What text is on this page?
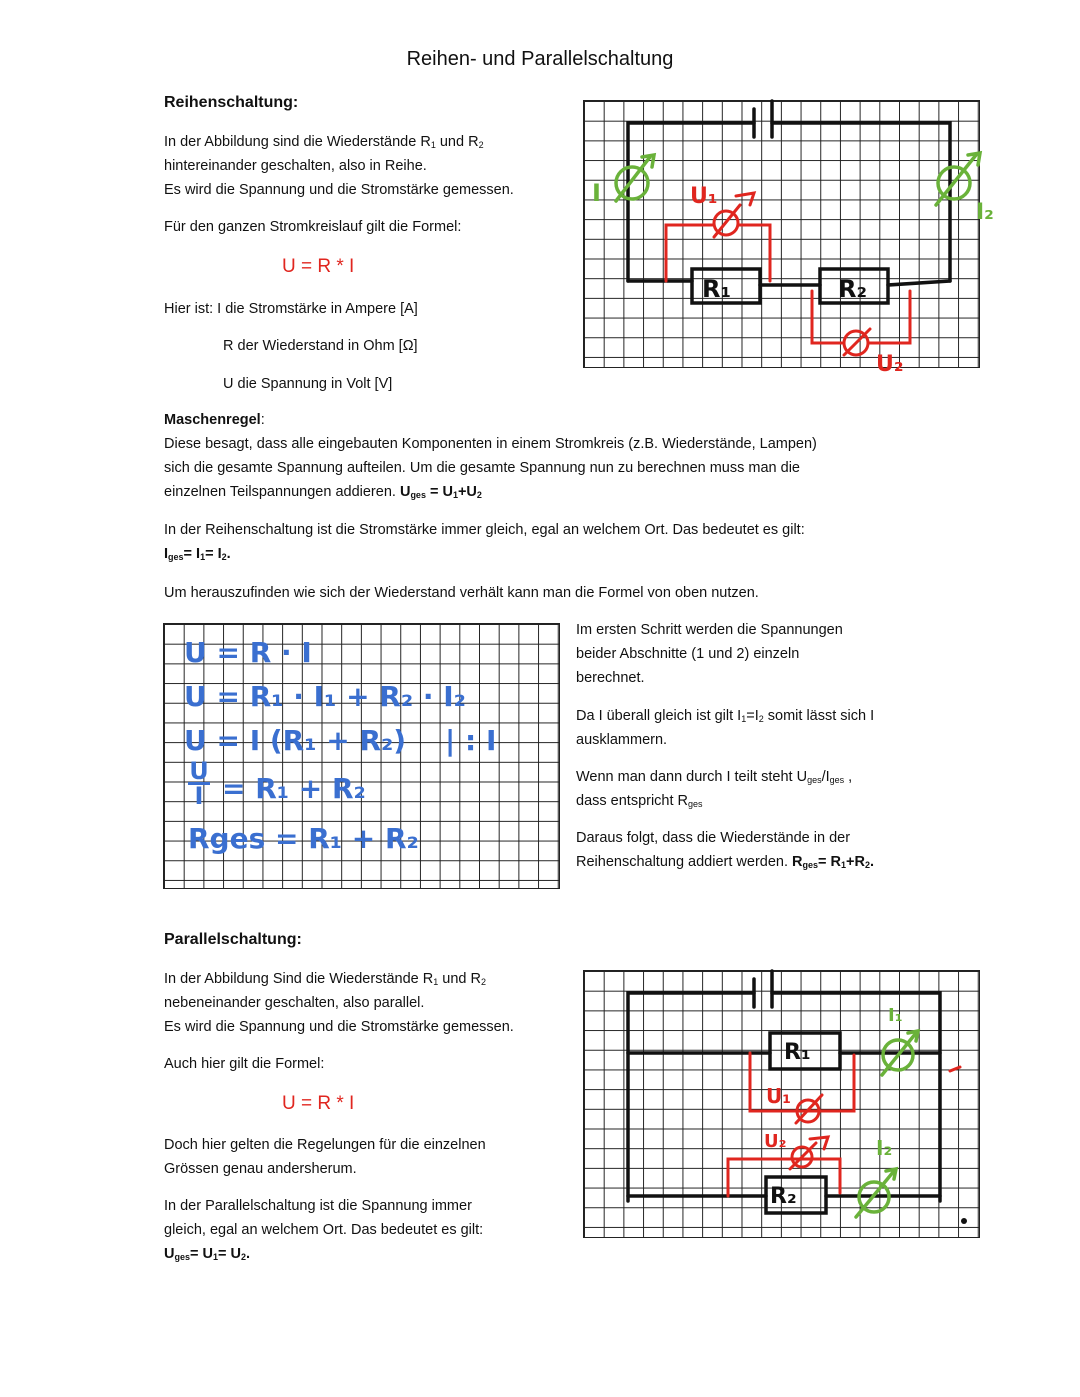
Reihen- und Parallelschaltung
Reihenschaltung:
In der Abbildung sind die Wiederstände $R_1$ und $R_2$
hintereinander geschalten, also in Reihe.
Es wird die Spannung und die Stromstärke gemessen.
Für den ganzen Stromkreislauf gilt die Formel:
U = R * I
Hier ist: I die Stromstärke in Ampere [A]
R der Wiederstand in Ohm [Ω]
U die Spannung in Volt [V]
R₁	R₂
U₁
U₂
I
I₂
Maschenregel:
Diese besagt, dass alle eingebauten Komponenten in einem Stromkreis (z.B. Wiederstände, Lampen)
sich die gesamte Spannung aufteilen. Um die gesamte Spannung nun zu berechnen muss man die
einzelnen Teilspannungen addieren. $U_{ges} = U_1+U_2$
In der Reihenschaltung ist die Stromstärke immer gleich, egal an welchem Ort. Das bedeutet es gilt:
$I_{ges}= I_1= I_2$.
Um herauszufinden wie sich der Wiederstand verhält kann man die Formel von oben nutzen.
U = R · I
U = R₁ · I₁ + R₂ · I₂
U = I (R₁ + R₂)    | : I
U
I = R₁ + R₂
Rges = R₁ + R₂
Im ersten Schritt werden die Spannungen
beider Abschnitte (1 und 2) einzeln
berechnet.
Da I überall gleich ist gilt $I_1=I_2$ somit lässt sich I
ausklammern.
Wenn man dann durch I teilt steht $U_{ges}/I_{ges}$ ,
dass entspricht $R_{ges}$
Daraus folgt, dass die Wiederstände in der
Reihenschaltung addiert werden. $R_{ges}= R_1+R_2$.
Parallelschaltung:
In der Abbildung Sind die Wiederstände $R_1$ und $R_2$
nebeneinander geschalten, also parallel.
Es wird die Spannung und die Stromstärke gemessen.
Auch hier gilt die Formel:
U = R * I
Doch hier gelten die Regelungen für die einzelnen
Grössen genau andersherum.
In der Parallelschaltung ist die Spannung immer
gleich, egal an welchem Ort. Das bedeutet es gilt:
$U_{ges}= U_1= U_2$.
R₁
R₂
U₁
U₂
I₁
I₂
